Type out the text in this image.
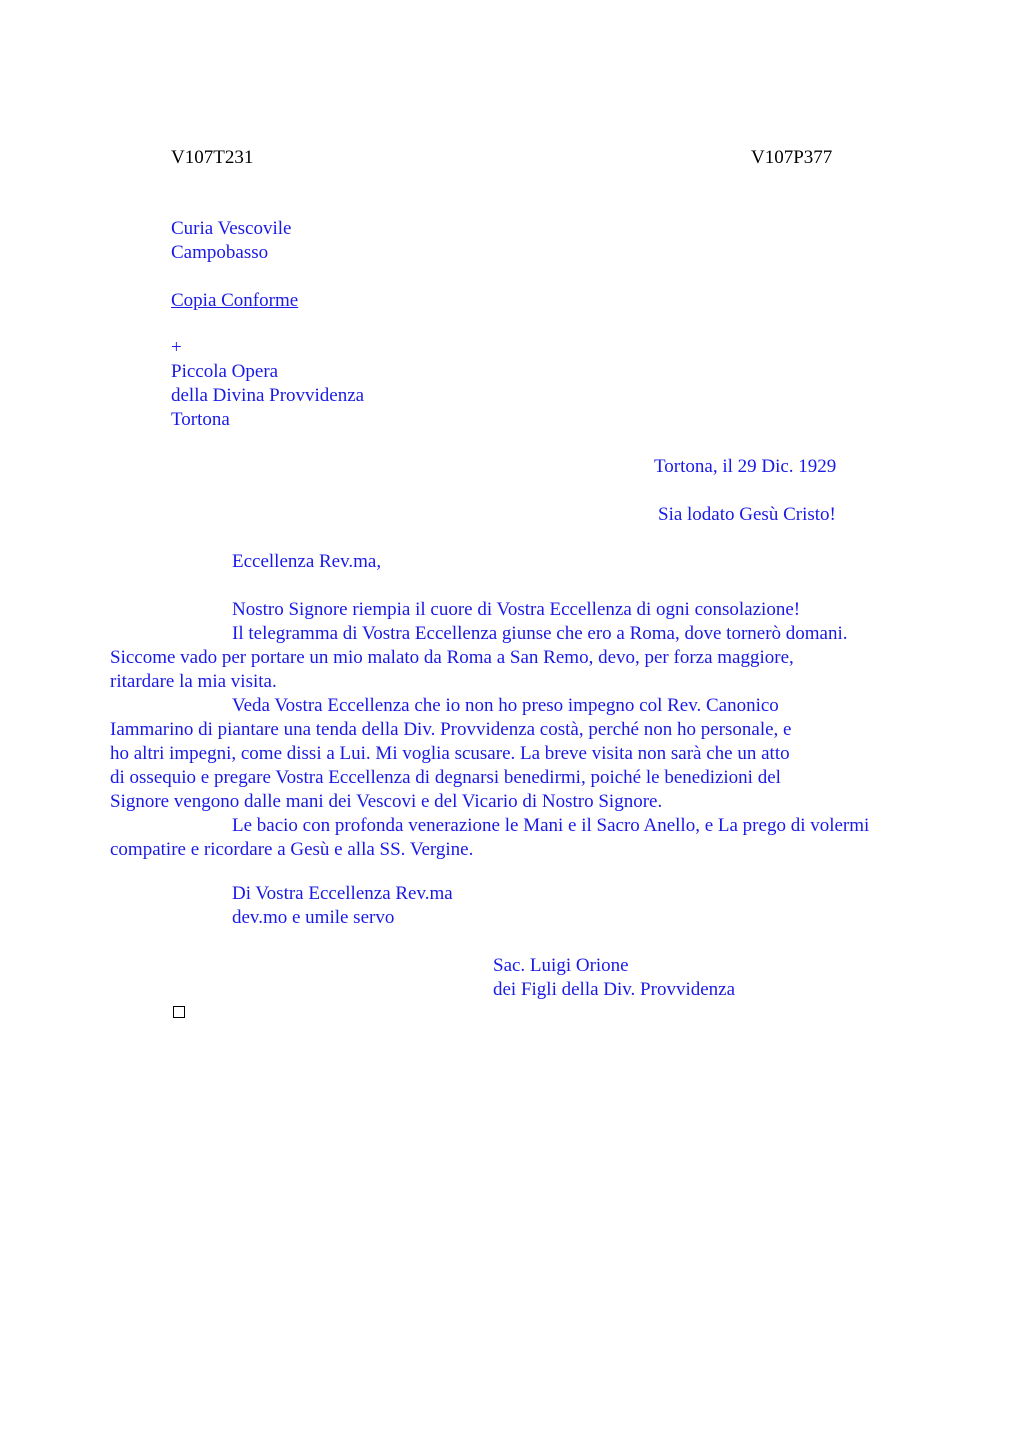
V107T231	V107P377
Curia Vescovile
Campobasso
Copia Conforme
+
Piccola Opera
della Divina Provvidenza
Tortona
Tortona, il 29 Dic. 1929
Sia lodato Gesù Cristo!
Eccellenza Rev.ma,
Nostro Signore riempia il cuore di Vostra Eccellenza di ogni consolazione!
Il telegramma di Vostra Eccellenza giunse che ero a Roma, dove tornerò domani.
Siccome vado per portare un mio malato da Roma a San Remo, devo, per forza maggiore,
ritardare la mia visita.
Veda Vostra Eccellenza che io non ho preso impegno col Rev. Canonico
Iammarino di piantare una tenda della Div. Provvidenza costà, perché non ho personale, e
ho altri impegni, come dissi a Lui. Mi voglia scusare. La breve visita non sarà che un atto
di ossequio e pregare Vostra Eccellenza di degnarsi benedirmi, poiché le benedizioni del
Signore vengono dalle mani dei Vescovi e del Vicario di Nostro Signore.
Le bacio con profonda venerazione le Mani e il Sacro Anello, e La prego di volermi
compatire e ricordare a Gesù e alla SS. Vergine.
Di Vostra Eccellenza Rev.ma
dev.mo e umile servo
Sac. Luigi Orione
dei Figli della Div. Provvidenza
